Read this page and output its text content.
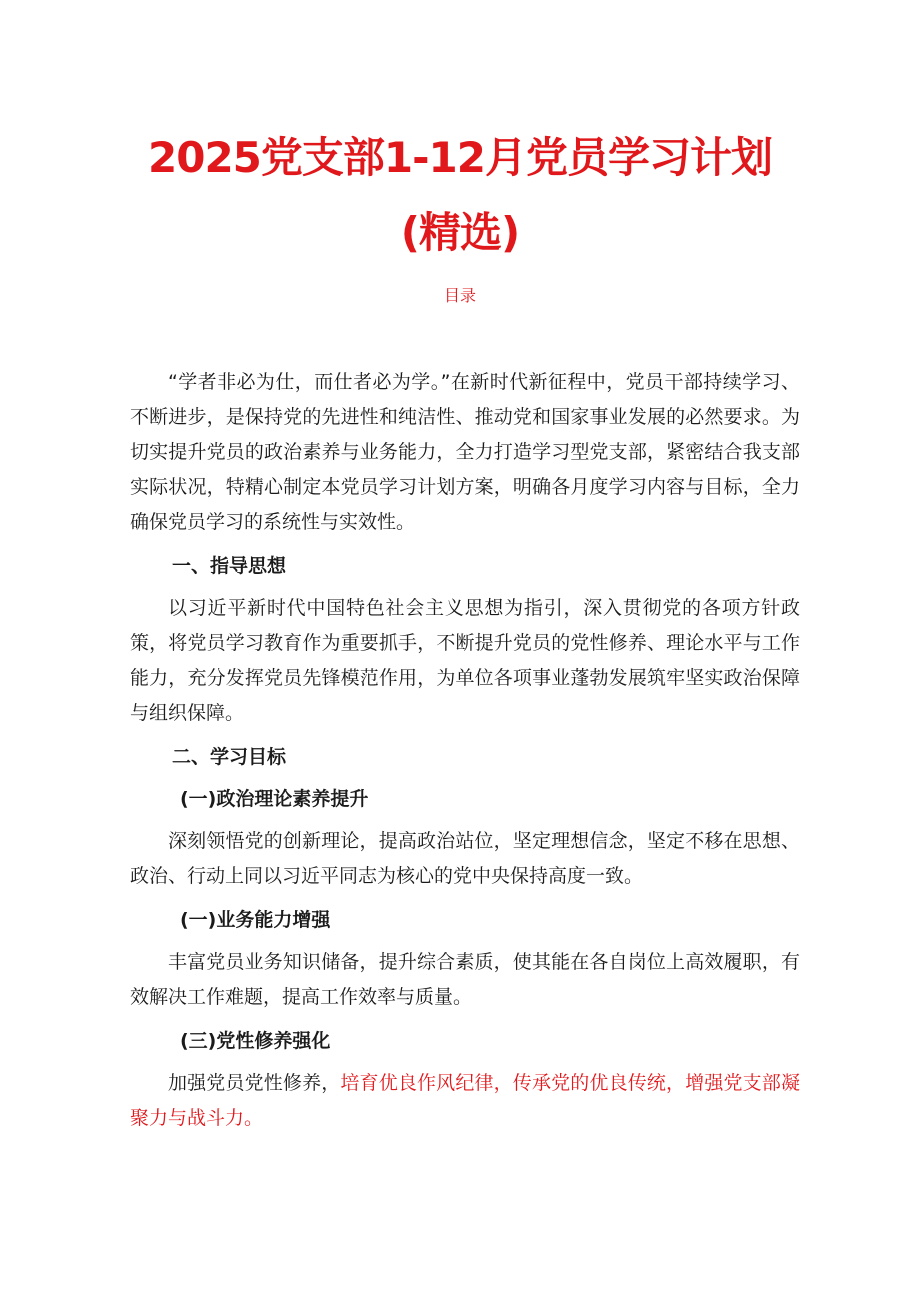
2025党支部1-12月党员学习计划
(精选)
目录

“学者非必为仕，而仕者必为学。”在新时代新征程中，党员干部持续学习、不断进步，是保持党的先进性和纯洁性、推动党和国家事业发展的必然要求。为切实提升党员的政治素养与业务能力，全力打造学习型党支部，紧密结合我支部实际状况，特精心制定本党员学习计划方案，明确各月度学习内容与目标，全力确保党员学习的系统性与实效性。

一、指导思想

以习近平新时代中国特色社会主义思想为指引，深入贯彻党的各项方针政策，将党员学习教育作为重要抓手，不断提升党员的党性修养、理论水平与工作能力，充分发挥党员先锋模范作用，为单位各项事业蓬勃发展筑牢坚实政治保障与组织保障。

二、学习目标
(一)政治理论素养提升

深刻领悟党的创新理论，提高政治站位，坚定理想信念，坚定不移在思想、政治、行动上同以习近平同志为核心的党中央保持高度一致。

(一)业务能力增强

丰富党员业务知识储备，提升综合素质，使其能在各自岗位上高效履职，有效解决工作难题，提高工作效率与质量。

(三)党性修养强化

加强党员党性修养，培育优良作风纪律，传承党的优良传统，增强党支部凝聚力与战斗力。
